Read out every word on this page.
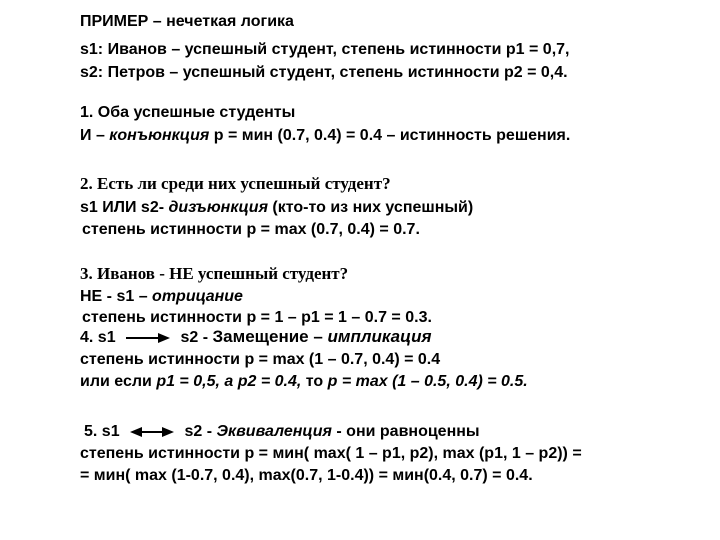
ПРИМЕР – нечеткая логика
s1: Иванов – успешный студент, степень истинности p1 = 0,7,
s2: Петров – успешный студент, степень истинности p2 = 0,4.
1. Оба успешные студенты
И – конъюнкция p = мин (0.7, 0.4) = 0.4 – истинность решения.
2. Есть ли среди них успешный студент?
s1 ИЛИ s2- дизъюнкция (кто-то из них успешный)
степень истинности p = max (0.7, 0.4) = 0.7.
3. Иванов - НЕ успешный студент?
НЕ - s1 – отрицание
степень истинности p = 1 – p1 = 1 – 0.7 = 0.3.
4. s1	s2 - Замещение – импликация
степень истинности p = max (1 – 0.7, 0.4) = 0.4
или если p1 = 0,5, а p2 = 0.4, то p = max (1 – 0.5, 0.4) = 0.5.
5. s1	s2 - Эквиваленция - они равноценны
степень истинности p = мин( max( 1 – p1, p2), max (p1, 1 – p2)) =
= мин( max (1-0.7, 0.4), max(0.7, 1-0.4)) = мин(0.4, 0.7) = 0.4.
